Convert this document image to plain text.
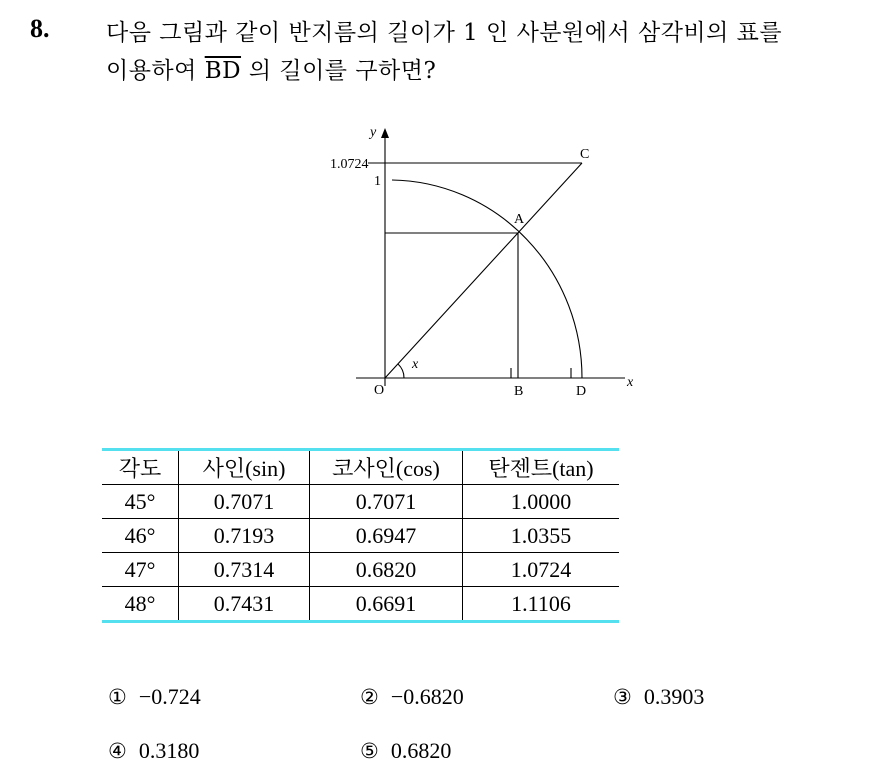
8. 다음 그림과 같이 반지름의 길이가 1 인 사분원에서 삼각비의 표를
이용하여 $\overline{BD}$ 의 길이를 구하면?
y
1.0724
1
C
A
x
O	B	D
x
각도	사인(sin)	코사인(cos)	탄젠트(tan)
45°	0.7071	0.7071	1.0000
46°	0.7193	0.6947	1.0355
47°	0.7314	0.6820	1.0724
48°	0.7431	0.6691	1.1106
① −0.724	② −0.6820	③ 0.3903
④ 0.3180	⑤ 0.6820
